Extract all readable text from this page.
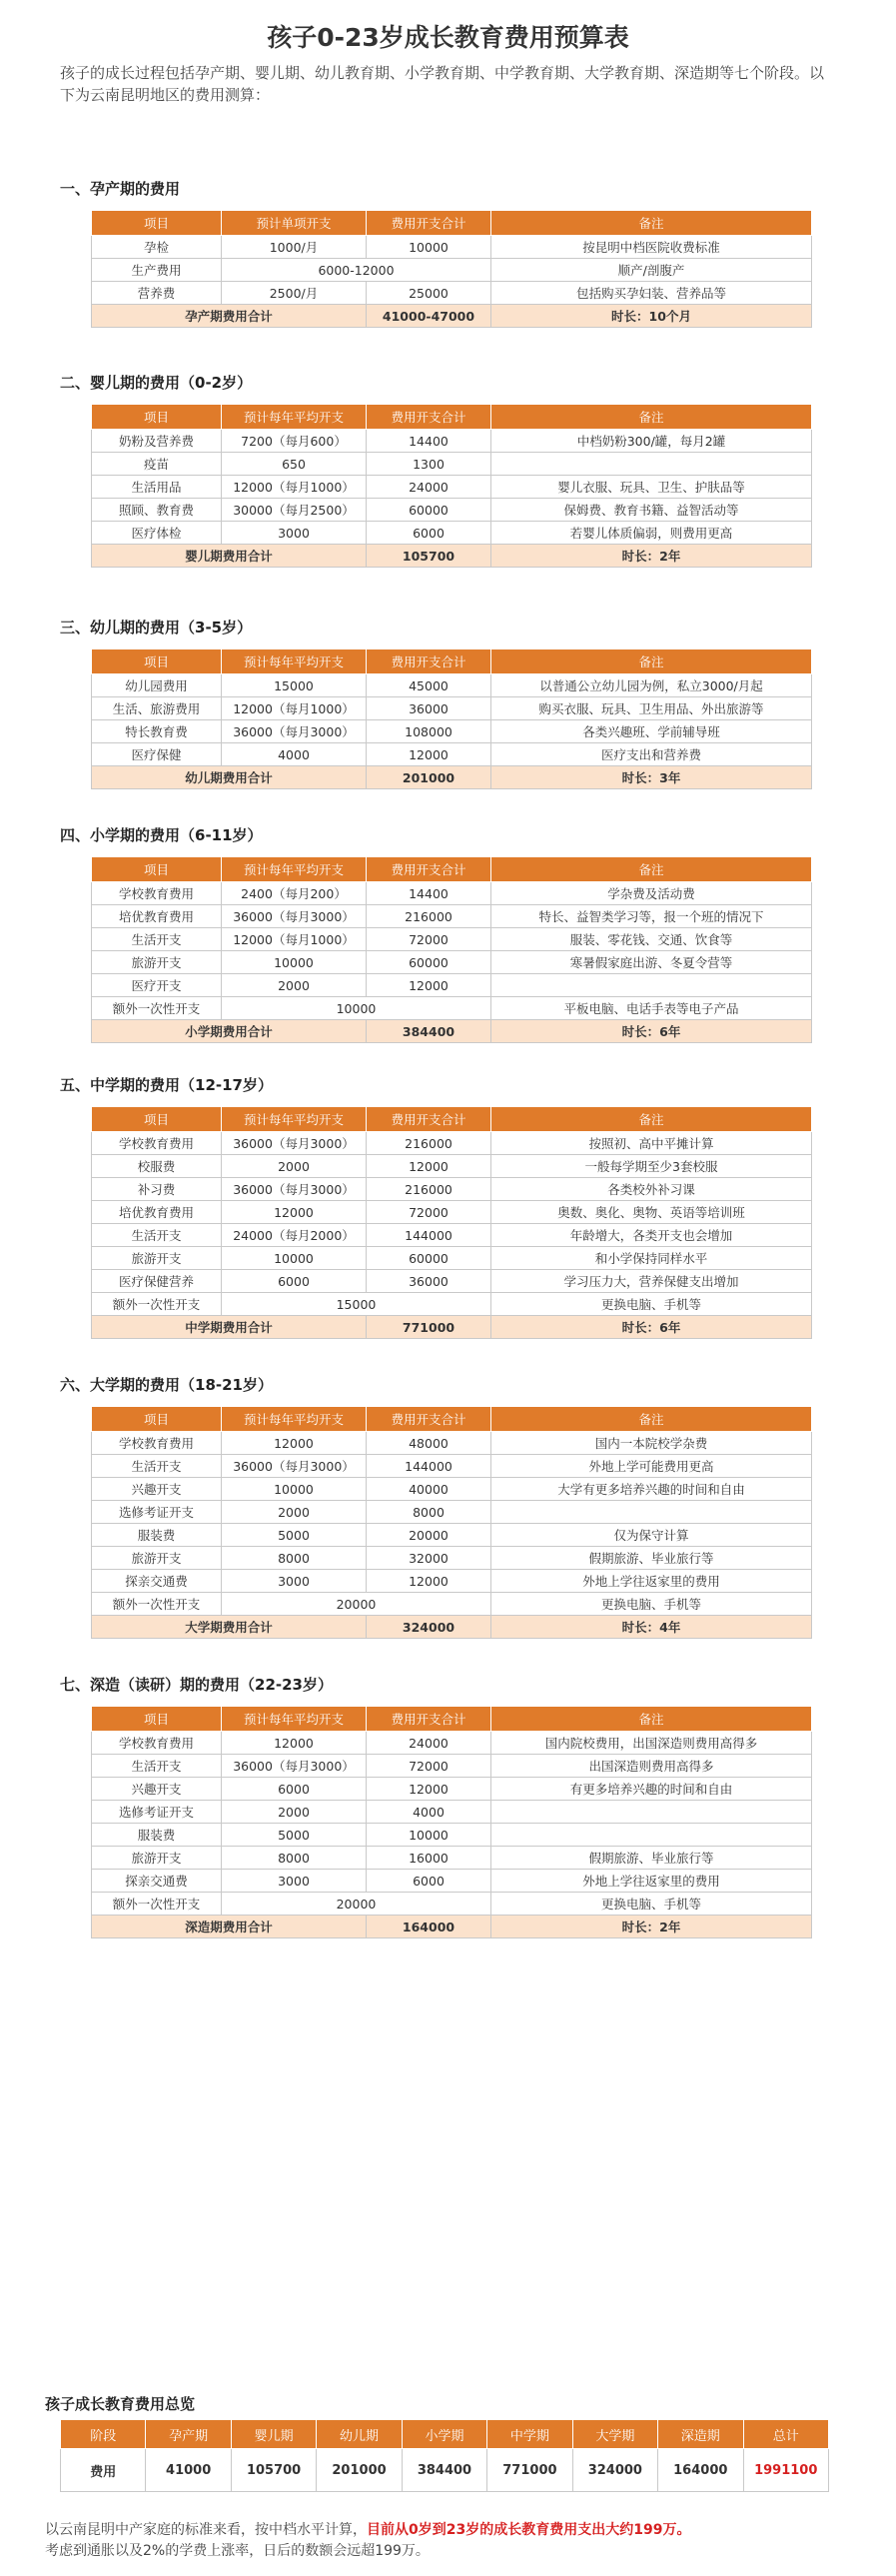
孩子0-23岁成长教育费用预算表
孩子的成长过程包括孕产期、婴儿期、幼儿教育期、小学教育期、中学教育期、大学教育期、深造期等七个阶段。以下为云南昆明地区的费用测算：
一、孕产期的费用
项目	预计单项开支	费用开支合计	备注
孕检	1000/月	10000	按昆明中档医院收费标准
生产费用	6000-12000		顺产/剖腹产
营养费	2500/月	25000	包括购买孕妇装、营养品等
孕产期费用合计		41000-47000	时长：10个月
二、婴儿期的费用（0-2岁）
项目	预计每年平均开支	费用开支合计	备注
奶粉及营养费	7200（每月600）	14400	中档奶粉300/罐，每月2罐
疫苗	650	1300	
生活用品	12000（每月1000）	24000	婴儿衣服、玩具、卫生、护肤品等
照顾、教育费	30000（每月2500）	60000	保姆费、教育书籍、益智活动等
医疗体检	3000	6000	若婴儿体质偏弱，则费用更高
婴儿期费用合计		105700	时长：2年
三、幼儿期的费用（3-5岁）
项目	预计每年平均开支	费用开支合计	备注
幼儿园费用	15000	45000	以普通公立幼儿园为例，私立3000/月起
生活、旅游费用	12000（每月1000）	36000	购买衣服、玩具、卫生用品、外出旅游等
特长教育费	36000（每月3000）	108000	各类兴趣班、学前辅导班
医疗保健	4000	12000	医疗支出和营养费
幼儿期费用合计		201000	时长：3年
四、小学期的费用（6-11岁）
项目	预计每年平均开支	费用开支合计	备注
学校教育费用	2400（每月200）	14400	学杂费及活动费
培优教育费用	36000（每月3000）	216000	特长、益智类学习等，报一个班的情况下
生活开支	12000（每月1000）	72000	服装、零花钱、交通、饮食等
旅游开支	10000	60000	寒暑假家庭出游、冬夏令营等
医疗开支	2000	12000	
额外一次性开支	10000		平板电脑、电话手表等电子产品
小学期费用合计		384400	时长：6年
五、中学期的费用（12-17岁）
项目	预计每年平均开支	费用开支合计	备注
学校教育费用	36000（每月3000）	216000	按照初、高中平摊计算
校服费	2000	12000	一般每学期至少3套校服
补习费	36000（每月3000）	216000	各类校外补习课
培优教育费用	12000	72000	奥数、奥化、奥物、英语等培训班
生活开支	24000（每月2000）	144000	年龄增大，各类开支也会增加
旅游开支	10000	60000	和小学保持同样水平
医疗保健营养	6000	36000	学习压力大，营养保健支出增加
额外一次性开支	15000		更换电脑、手机等
中学期费用合计		771000	时长：6年
六、大学期的费用（18-21岁）
项目	预计每年平均开支	费用开支合计	备注
学校教育费用	12000	48000	国内一本院校学杂费
生活开支	36000（每月3000）	144000	外地上学可能费用更高
兴趣开支	10000	40000	大学有更多培养兴趣的时间和自由
选修考证开支	2000	8000	
服装费	5000	20000	仅为保守计算
旅游开支	8000	32000	假期旅游、毕业旅行等
探亲交通费	3000	12000	外地上学往返家里的费用
额外一次性开支	20000		更换电脑、手机等
大学期费用合计		324000	时长：4年
七、深造（读研）期的费用（22-23岁）
项目	预计每年平均开支	费用开支合计	备注
学校教育费用	12000	24000	国内院校费用，出国深造则费用高得多
生活开支	36000（每月3000）	72000	出国深造则费用高得多
兴趣开支	6000	12000	有更多培养兴趣的时间和自由
选修考证开支	2000	4000	
服装费	5000	10000	
旅游开支	8000	16000	假期旅游、毕业旅行等
探亲交通费	3000	6000	外地上学往返家里的费用
额外一次性开支	20000		更换电脑、手机等
深造期费用合计		164000	时长：2年
孩子成长教育费用总览
阶段	孕产期	婴儿期	幼儿期	小学期	中学期	大学期	深造期	总计
费用	41000	105700	201000	384400	771000	324000	164000	1991100
以云南昆明中产家庭的标准来看，按中档水平计算，目前从0岁到23岁的成长教育费用支出大约199万。
考虑到通胀以及2%的学费上涨率，日后的数额会远超199万。
